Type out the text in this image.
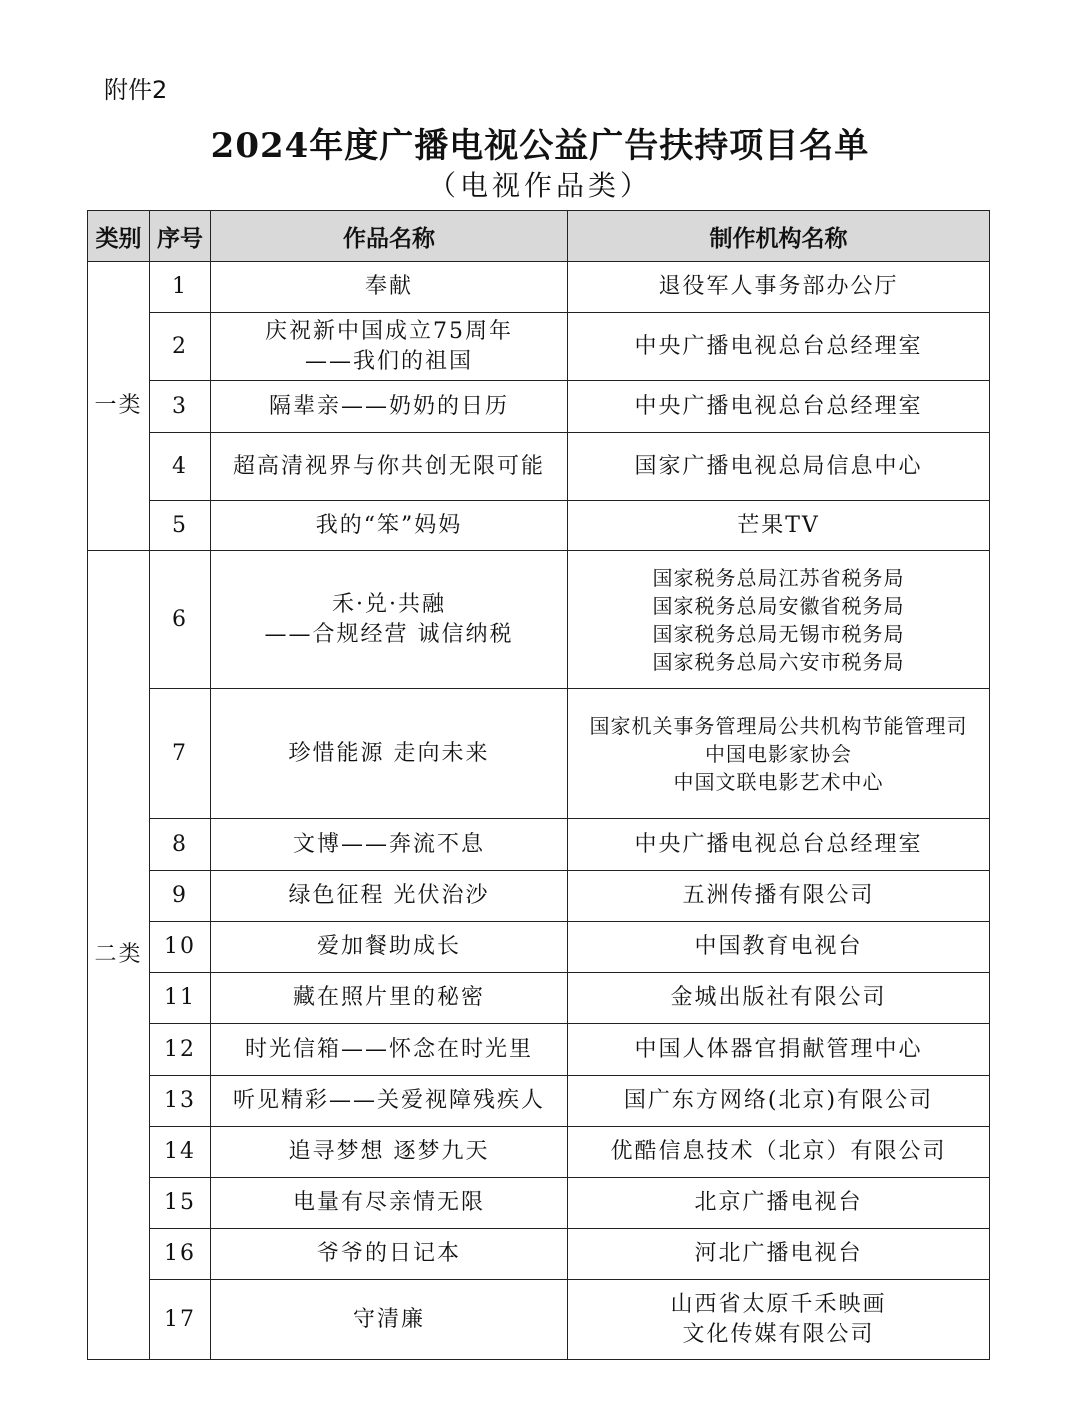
附件2
2024年度广播电视公益广告扶持项目名单
（电视作品类）
类别	序号	作品名称	制作机构名称
一类	1	奉献	退役军人事务部办公厅

	2	庆祝新中国成立75周年
——我们的祖国	中央广播电视总台总经理室

	3	隔辈亲——奶奶的日历	中央广播电视总台总经理室

	4	超高清视界与你共创无限可能	国家广播电视总局信息中心

	5	我的“笨”妈妈	芒果TV

二类	6	禾·兑·共融
——合规经营 诚信纳税	国家税务总局江苏省税务局
国家税务总局安徽省税务局
国家税务总局无锡市税务局
国家税务总局六安市税务局

	7	珍惜能源 走向未来	国家机关事务管理局公共机构节能管理司
中国电影家协会
中国文联电影艺术中心

	8	文博——奔流不息	中央广播电视总台总经理室

	9	绿色征程 光伏治沙	五洲传播有限公司

	10	爱加餐助成长	中国教育电视台

	11	藏在照片里的秘密	金城出版社有限公司

	12	时光信箱——怀念在时光里	中国人体器官捐献管理中心

	13	听见精彩——关爱视障残疾人	国广东方网络(北京)有限公司

	14	追寻梦想 逐梦九天	优酷信息技术（北京）有限公司

	15	电量有尽亲情无限	北京广播电视台

	16	爷爷的日记本	河北广播电视台

	17	守清廉	山西省太原千禾映画
文化传媒有限公司
